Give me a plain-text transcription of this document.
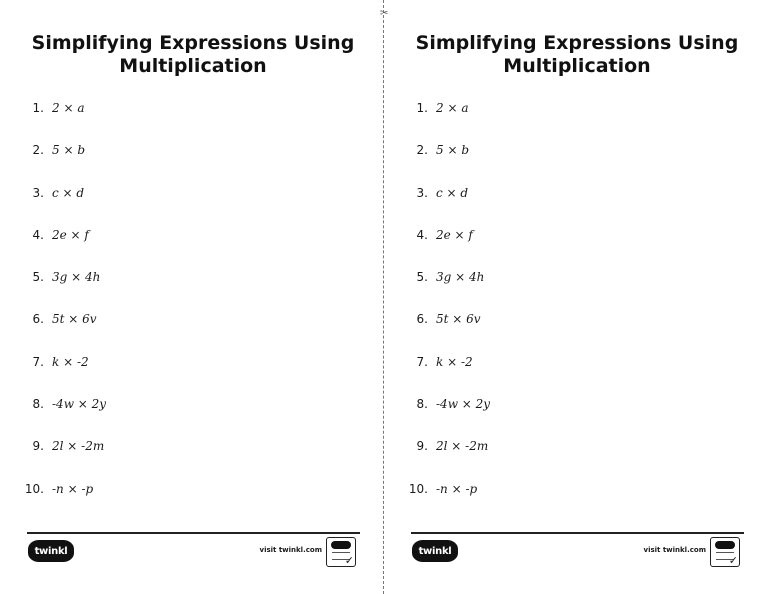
✂
Simplifying Expressions Using
Multiplication
1. 2 × a
2. 5 × b
3. c × d
4. 2e × f
5. 3g × 4h
6. 5t × 6v
7. k × -2
8. -4w × 2y
9. 2l × -2m
10. -n × -p
twinkl	visit twinkl.com
✓
Simplifying Expressions Using
Multiplication
1. 2 × a
2. 5 × b
3. c × d
4. 2e × f
5. 3g × 4h
6. 5t × 6v
7. k × -2
8. -4w × 2y
9. 2l × -2m
10. -n × -p
twinkl	visit twinkl.com
✓
